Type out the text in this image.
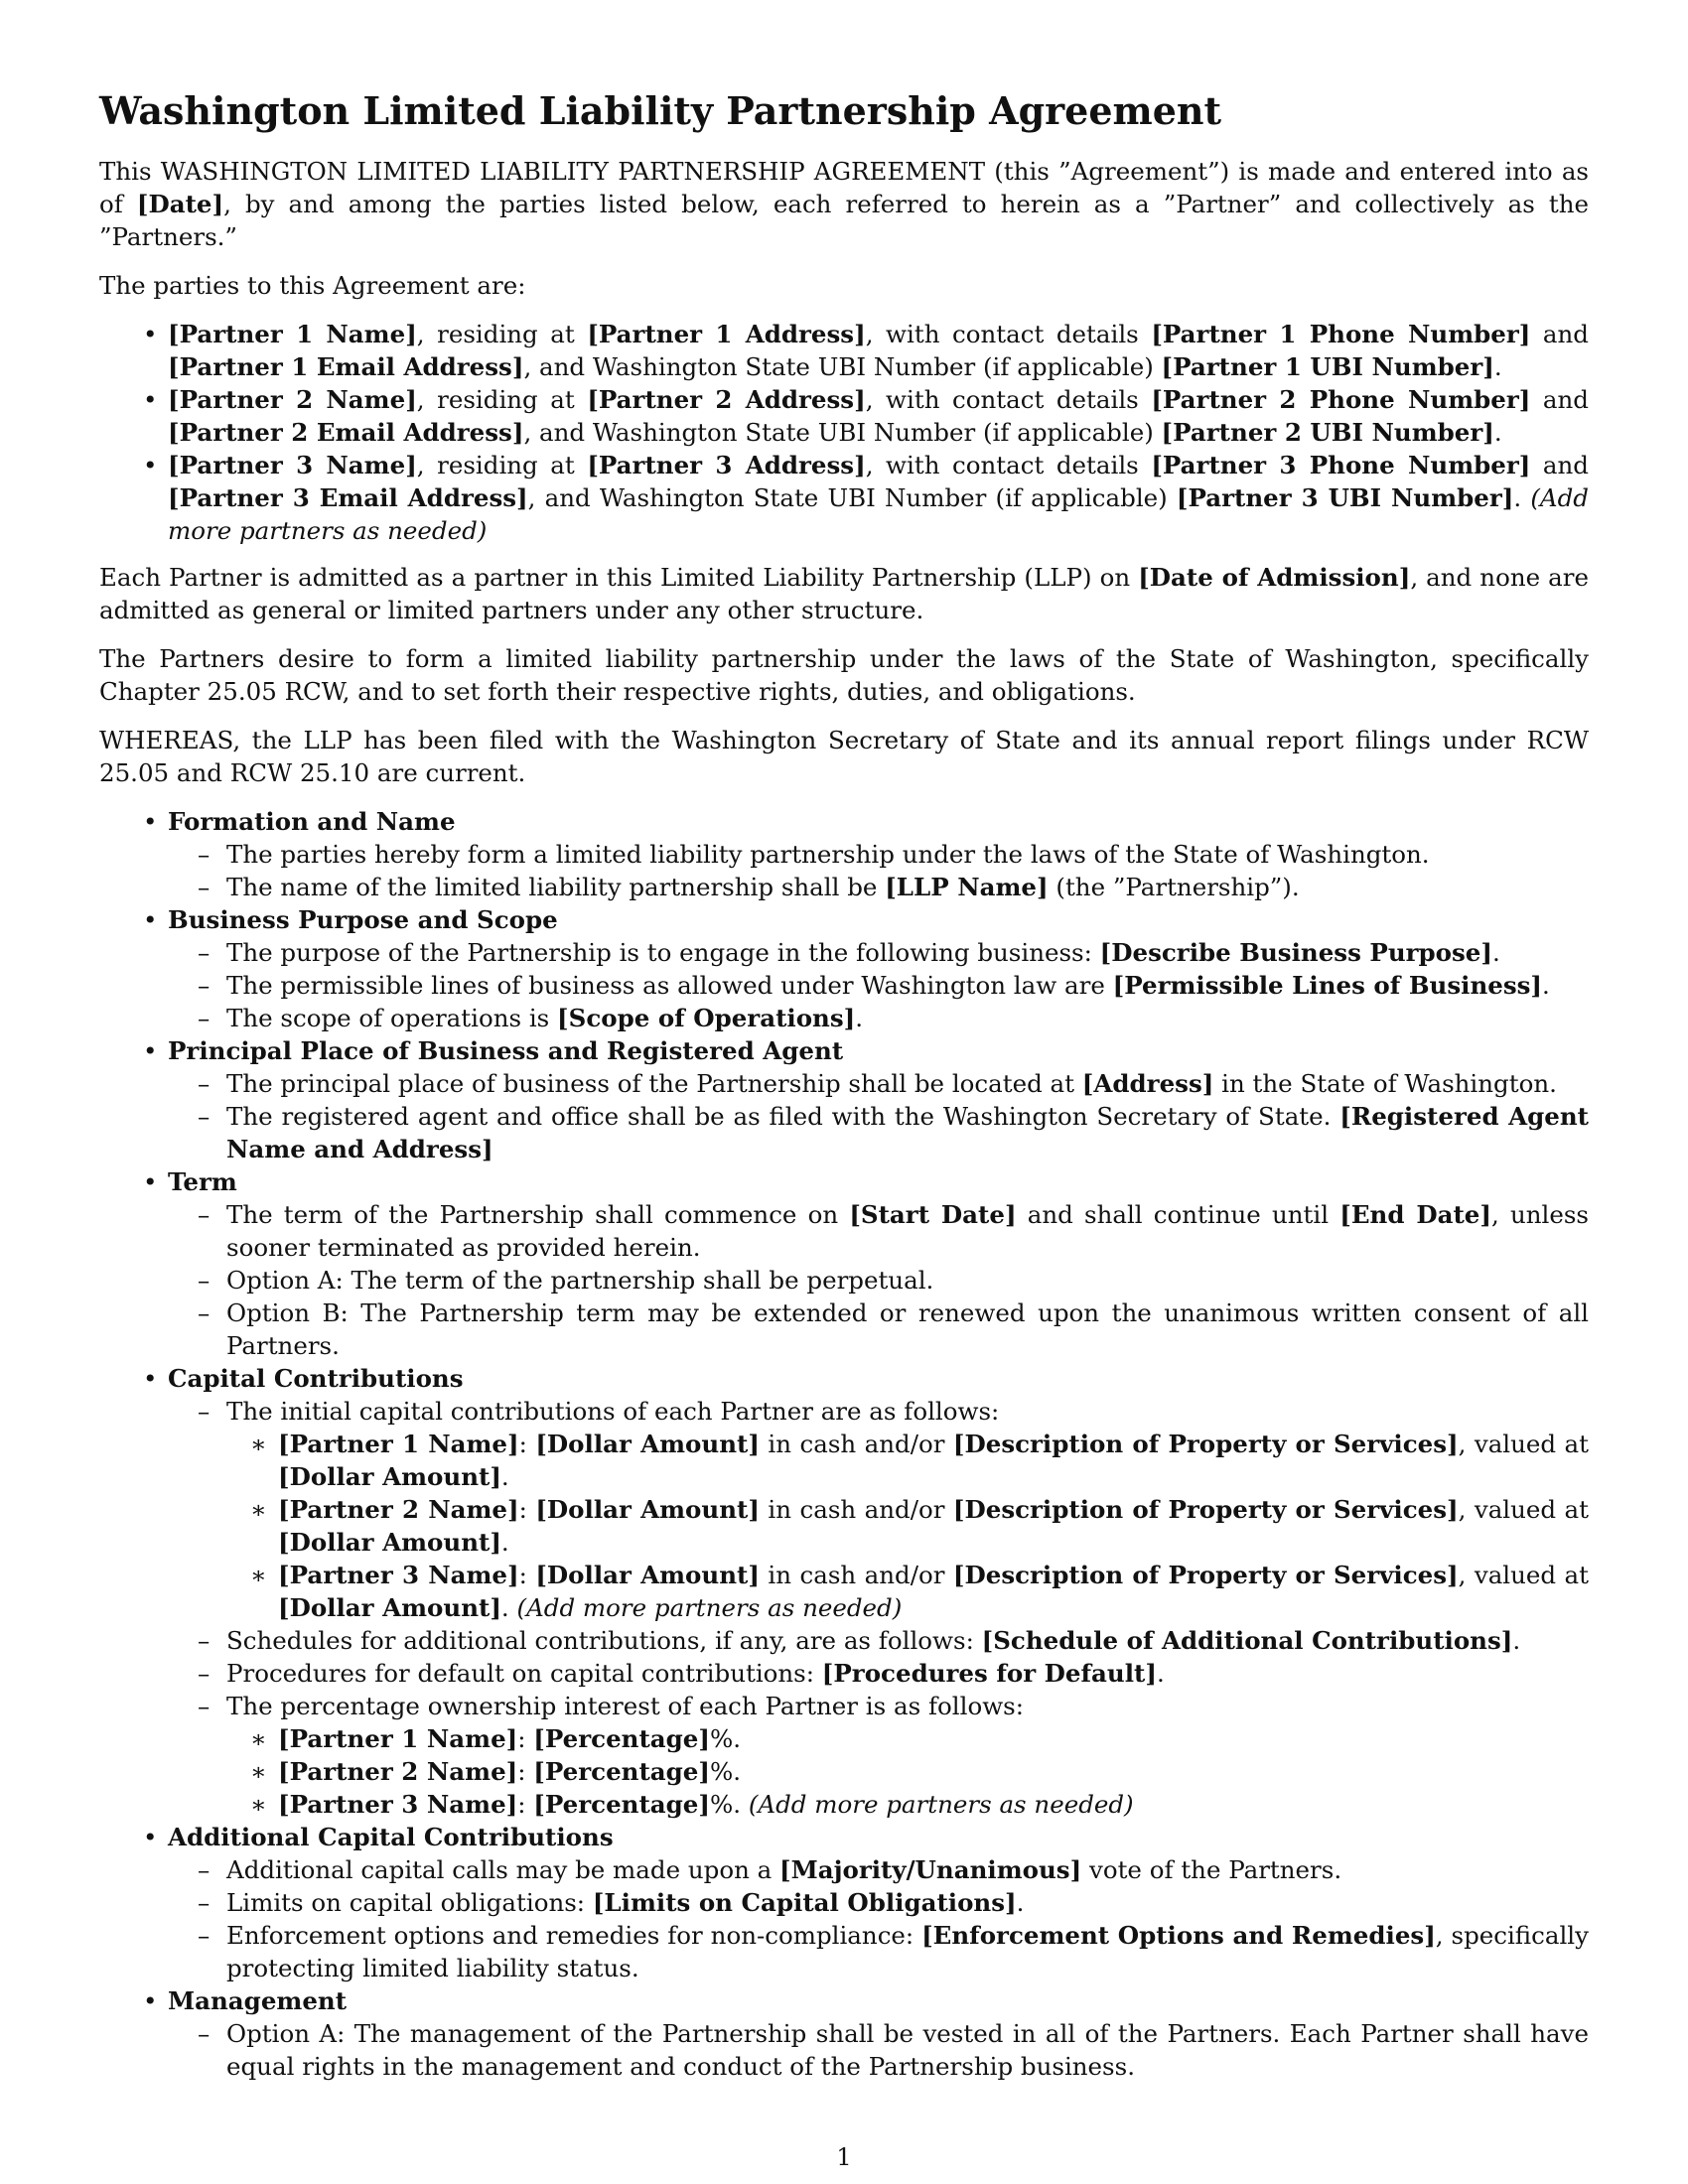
Washington Limited Liability Partnership Agreement

This WASHINGTON LIMITED LIABILITY PARTNERSHIP AGREEMENT (this ”Agreement”) is made and entered into as of [Date], by and among the parties listed below, each referred to herein as a ”Partner” and collectively as the ”Partners.”

The parties to this Agreement are:

• [Partner 1 Name], residing at [Partner 1 Address], with contact details [Partner 1 Phone Number] and [Partner 1 Email Address], and Washington State UBI Number (if applicable) [Partner 1 UBI Number].
• [Partner 2 Name], residing at [Partner 2 Address], with contact details [Partner 2 Phone Number] and [Partner 2 Email Address], and Washington State UBI Number (if applicable) [Partner 2 UBI Number].
• [Partner 3 Name], residing at [Partner 3 Address], with contact details [Partner 3 Phone Number] and [Partner 3 Email Address], and Washington State UBI Number (if applicable) [Partner 3 UBI Number]. (Add more partners as needed)

Each Partner is admitted as a partner in this Limited Liability Partnership (LLP) on [Date of Admission], and none are admitted as general or limited partners under any other structure.

The Partners desire to form a limited liability partnership under the laws of the State of Washington, specifically Chapter 25.05 RCW, and to set forth their respective rights, duties, and obligations.

WHEREAS, the LLP has been filed with the Washington Secretary of State and its annual report filings under RCW 25.05 and RCW 25.10 are current.

• Formation and Name
– The parties hereby form a limited liability partnership under the laws of the State of Washington.
– The name of the limited liability partnership shall be [LLP Name] (the ”Partnership”).
• Business Purpose and Scope
– The purpose of the Partnership is to engage in the following business: [Describe Business Purpose].
– The permissible lines of business as allowed under Washington law are [Permissible Lines of Business].
– The scope of operations is [Scope of Operations].
• Principal Place of Business and Registered Agent
– The principal place of business of the Partnership shall be located at [Address] in the State of Washington.
– The registered agent and office shall be as filed with the Washington Secretary of State. [Registered Agent Name and Address]
• Term
– The term of the Partnership shall commence on [Start Date] and shall continue until [End Date], unless sooner terminated as provided herein.
– Option A: The term of the partnership shall be perpetual.
– Option B: The Partnership term may be extended or renewed upon the unanimous written consent of all Partners.
• Capital Contributions
– The initial capital contributions of each Partner are as follows:
∗ [Partner 1 Name]: [Dollar Amount] in cash and/or [Description of Property or Services], valued at [Dollar Amount].
∗ [Partner 2 Name]: [Dollar Amount] in cash and/or [Description of Property or Services], valued at [Dollar Amount].
∗ [Partner 3 Name]: [Dollar Amount] in cash and/or [Description of Property or Services], valued at [Dollar Amount]. (Add more partners as needed)
– Schedules for additional contributions, if any, are as follows: [Schedule of Additional Contributions].
– Procedures for default on capital contributions: [Procedures for Default].
– The percentage ownership interest of each Partner is as follows:
∗ [Partner 1 Name]: [Percentage]%.
∗ [Partner 2 Name]: [Percentage]%.
∗ [Partner 3 Name]: [Percentage]%. (Add more partners as needed)
• Additional Capital Contributions
– Additional capital calls may be made upon a [Majority/Unanimous] vote of the Partners.
– Limits on capital obligations: [Limits on Capital Obligations].
– Enforcement options and remedies for non-compliance: [Enforcement Options and Remedies], specifically protecting limited liability status.
• Management
– Option A: The management of the Partnership shall be vested in all of the Partners. Each Partner shall have equal rights in the management and conduct of the Partnership business.
1
